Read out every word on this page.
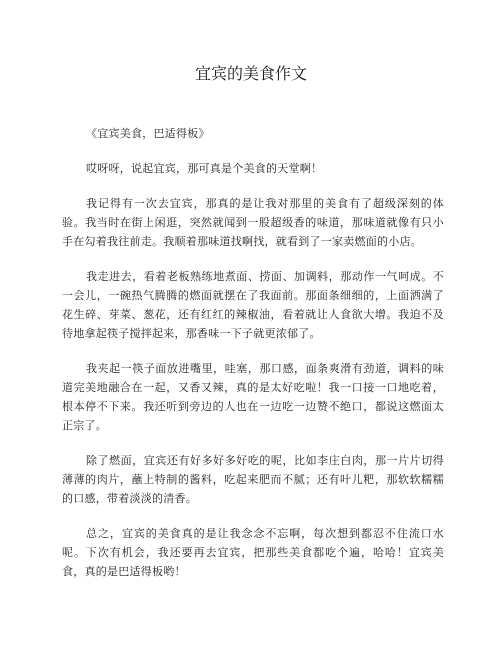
宜宾的美食作文

《宜宾美食，巴适得板》

哎呀呀，说起宜宾，那可真是个美食的天堂啊！

我记得有一次去宜宾，那真的是让我对那里的美食有了超级深刻的体验。我当时在街上闲逛，突然就闻到一股超级香的味道，那味道就像有只小手在勾着我往前走。我顺着那味道找啊找，就看到了一家卖燃面的小店。

我走进去，看着老板熟练地煮面、捞面、加调料，那动作一气呵成。不一会儿，一碗热气腾腾的燃面就摆在了我面前。那面条细细的，上面洒满了花生碎、芽菜、葱花，还有红红的辣椒油，看着就让人食欲大增。我迫不及待地拿起筷子搅拌起来，那香味一下子就更浓郁了。

我夹起一筷子面放进嘴里，哇塞，那口感，面条爽滑有劲道，调料的味道完美地融合在一起，又香又辣，真的是太好吃啦！我一口接一口地吃着，根本停不下来。我还听到旁边的人也在一边吃一边赞不绝口，都说这燃面太正宗了。

除了燃面，宜宾还有好多好多好吃的呢，比如李庄白肉，那一片片切得薄薄的肉片，蘸上特制的酱料，吃起来肥而不腻；还有叶儿粑，那软软糯糯的口感，带着淡淡的清香。

总之，宜宾的美食真的是让我念念不忘啊，每次想到都忍不住流口水呢。下次有机会，我还要再去宜宾，把那些美食都吃个遍，哈哈！宜宾美食，真的是巴适得板哟！
